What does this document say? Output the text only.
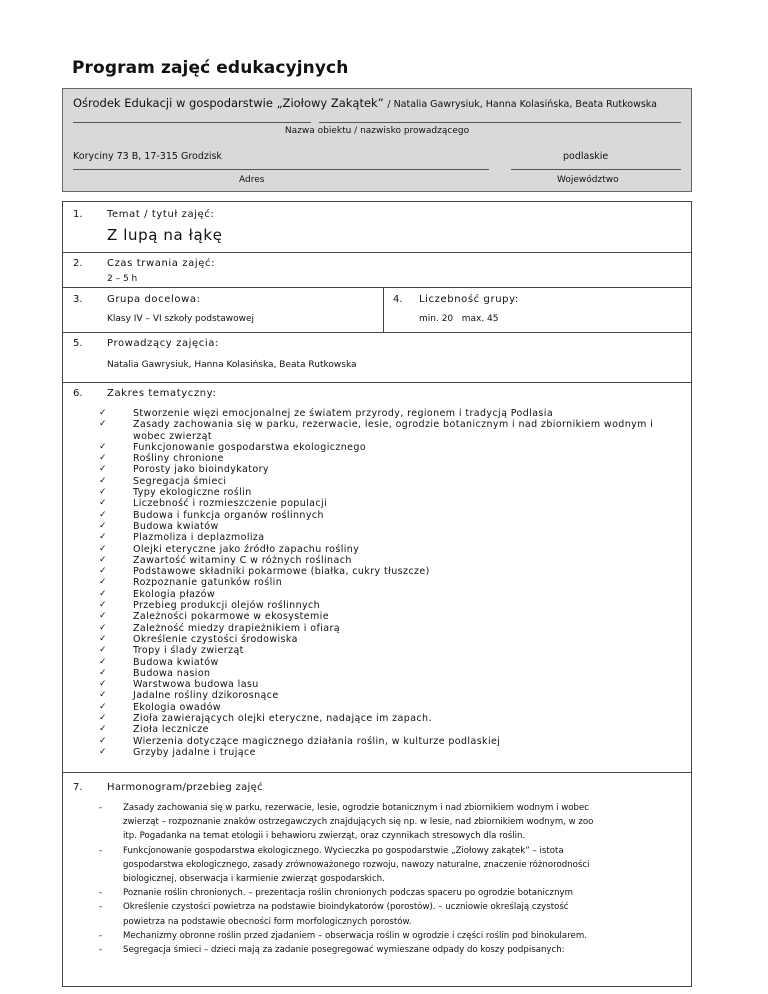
Program zajęć edukacyjnych
Ośrodek Edukacji w gospodarstwie „Ziołowy Zakątek” / Natalia Gawrysiuk, Hanna Kolasińska, Beata Rutkowska
Nazwa obiektu / nazwisko prowadzącego
Koryciny 73 B, 17-315 Grodzisk	podlaskie
Adres	Województwo
1. Temat / tytuł zajęć:
Z lupą na łąkę
2. Czas trwania zajęć:
2 – 5 h
3. Grupa docelowa:
Klasy IV – VI szkoły podstawowej
4. Liczebność grupy:
min. 20   max. 45
5. Prowadzący zajęcia:
Natalia Gawrysiuk, Hanna Kolasińska, Beata Rutkowska
6. Zakres tematyczny:
✓	Stworzenie więzi emocjonalnej ze światem przyrody, regionem i tradycją Podlasia
✓	Zasady zachowania się w parku, rezerwacie, lesie, ogrodzie botanicznym i nad zbiornikiem wodnym i wobec zwierząt
✓	Funkcjonowanie gospodarstwa ekologicznego
✓	Rośliny chronione
✓	Porosty jako bioindykatory
✓	Segregacja śmieci
✓	Typy ekologiczne roślin
✓	Liczebność i rozmieszczenie populacji
✓	Budowa i funkcja organów roślinnych
✓	Budowa kwiatów
✓	Plazmoliza i deplazmoliza
✓	Olejki eteryczne jako źródło zapachu rośliny
✓	Zawartość witaminy C w różnych roślinach
✓	Podstawowe składniki pokarmowe (białka, cukry tłuszcze)
✓	Rozpoznanie gatunków roślin
✓	Ekologia płazów
✓	Przebieg produkcji olejów roślinnych
✓	Zależności pokarmowe w ekosystemie
✓	Zależność miedzy drapieżnikiem i ofiarą
✓	Określenie czystości środowiska
✓	Tropy i ślady zwierząt
✓	Budowa kwiatów
✓	Budowa nasion
✓	Warstwowa budowa lasu
✓	Jadalne rośliny dzikorosnące
✓	Ekologia owadów
✓	Zioła zawierających olejki eteryczne, nadające im zapach.
✓	Zioła lecznicze
✓	Wierzenia dotyczące magicznego działania roślin, w kulturze podlaskiej
✓	Grzyby jadalne i trujące
7. Harmonogram/przebieg zajęć
- Zasady zachowania się w parku, rezerwacie, lesie, ogrodzie botanicznym i nad zbiornikiem wodnym i wobec
zwierząt – rozpoznanie znaków ostrzegawczych znajdujących się np. w lesie, nad zbiornikiem wodnym, w zoo
itp. Pogadanka na temat etologii i behawioru zwierząt, oraz czynnikach stresowych dla roślin.
- Funkcjonowanie gospodarstwa ekologicznego. Wycieczka po gospodarstwie „Ziołowy zakątek” – istota
gospodarstwa ekologicznego, zasady zrównoważonego rozwoju, nawozy naturalne, znaczenie różnorodności
biologicznej, obserwacja i karmienie zwierząt gospodarskich.
- Poznanie roślin chronionych. – prezentacja roślin chronionych podczas spaceru po ogrodzie botanicznym
- Określenie czystości powietrza na podstawie bioindykatorów (porostów). – uczniowie określają czystość
powietrza na podstawie obecności form morfologicznych porostów.
- Mechanizmy obronne roślin przed zjadaniem – obserwacja roślin w ogrodzie i części roślin pod binokularem.
- Segregacja śmieci – dzieci mają za zadanie posegregować wymieszane odpady do koszy podpisanych:
